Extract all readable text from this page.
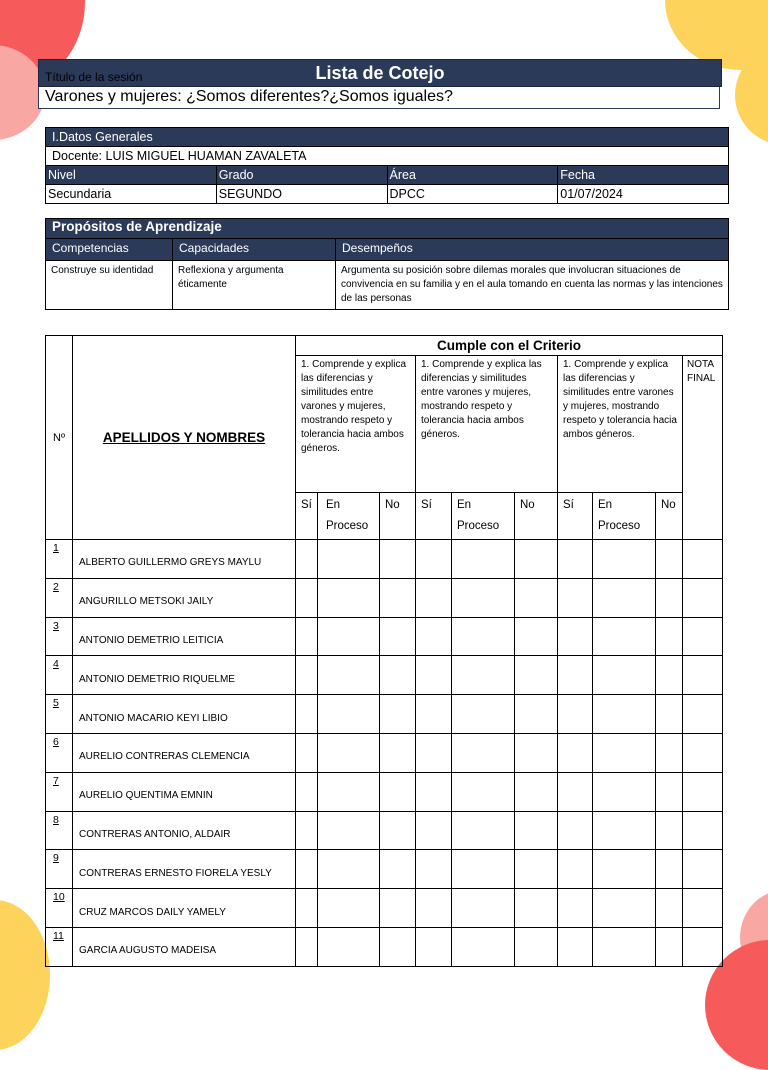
Título de la sesión	Lista de Cotejo
Varones y mujeres: ¿Somos diferentes?¿Somos iguales?
I.Datos Generales			
Docente: LUIS MIGUEL HUAMAN ZAVALETA			
Nivel	Grado	Área	Fecha
Secundaria	SEGUNDO	DPCC	01/07/2024
Propósitos de Aprendizaje		
Competencias	Capacidades	Desempeños
Construye su identidad	Reflexiona y argumenta éticamente	Argumenta su posición sobre dilemas morales que involucran situaciones de convivencia en su familia y en el aula tomando en cuenta las normas y las intenciones de las personas
Nº	APELLIDOS Y NOMBRES	Cumple con el Criterio									
		1. Comprende y explica las diferencias y similitudes entre varones y mujeres, mostrando respeto y tolerancia hacia ambos géneros.			1. Comprende y explica las diferencias y similitudes entre varones y mujeres, mostrando respeto y tolerancia hacia ambos géneros.			1. Comprende y explica las diferencias y similitudes entre varones y mujeres, mostrando respeto y tolerancia hacia ambos géneros.			NOTA FINAL
		Sí	En Proceso	No	Sí	En Proceso	No	Sí	En Proceso	No	
1	ALBERTO GUILLERMO GREYS MAYLU										
2	ANGURILLO METSOKI JAILY										
3	ANTONIO DEMETRIO LEITICIA										
4	ANTONIO DEMETRIO RIQUELME										
5	ANTONIO MACARIO KEYI LIBIO										
6	AURELIO CONTRERAS CLEMENCIA										
7	AURELIO QUENTIMA EMNIN										
8	CONTRERAS ANTONIO, ALDAIR										
9	CONTRERAS ERNESTO FIORELA YESLY										
10	CRUZ MARCOS DAILY YAMELY										
11	GARCIA AUGUSTO MADEISA										
